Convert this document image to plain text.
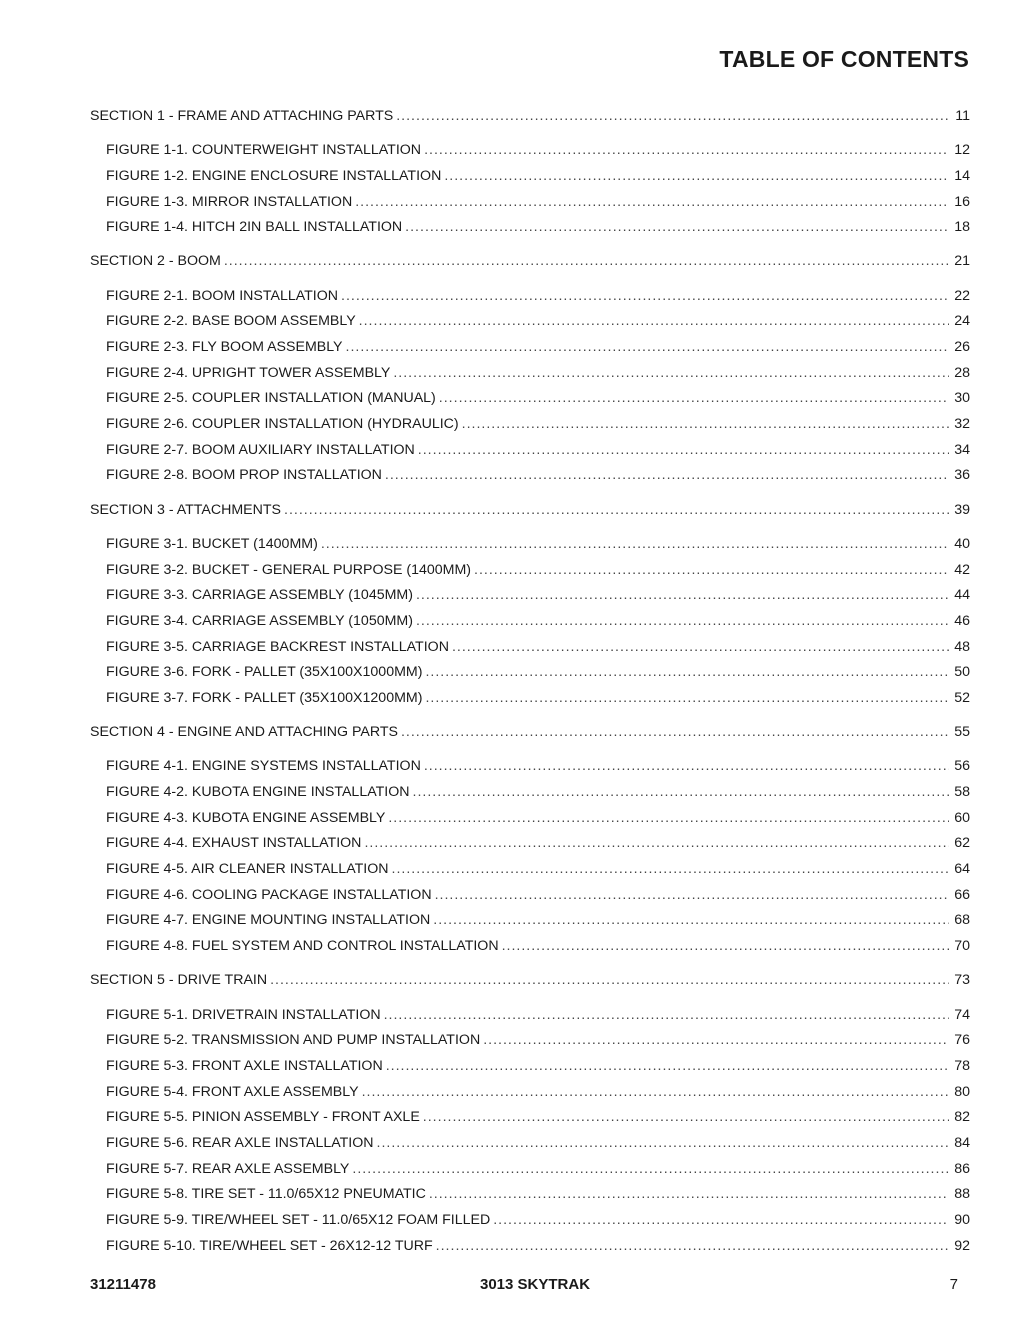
TABLE OF CONTENTS
SECTION 1 - FRAME AND ATTACHING PARTS .....	11
FIGURE 1-1. COUNTERWEIGHT INSTALLATION .....	12
FIGURE 1-2. ENGINE ENCLOSURE INSTALLATION .....	14
FIGURE 1-3. MIRROR INSTALLATION .....	16
FIGURE 1-4. HITCH 2IN BALL INSTALLATION .....	18
SECTION 2 - BOOM .....	21
FIGURE 2-1. BOOM INSTALLATION .....	22
FIGURE 2-2. BASE BOOM ASSEMBLY .....	24
FIGURE 2-3. FLY BOOM ASSEMBLY .....	26
FIGURE 2-4. UPRIGHT TOWER ASSEMBLY .....	28
FIGURE 2-5. COUPLER INSTALLATION (MANUAL) .....	30
FIGURE 2-6. COUPLER INSTALLATION (HYDRAULIC) .....	32
FIGURE 2-7. BOOM AUXILIARY INSTALLATION .....	34
FIGURE 2-8. BOOM PROP INSTALLATION .....	36
SECTION 3 - ATTACHMENTS .....	39
FIGURE 3-1. BUCKET (1400MM) .....	40
FIGURE 3-2. BUCKET - GENERAL PURPOSE (1400MM) .....	42
FIGURE 3-3. CARRIAGE ASSEMBLY (1045MM) .....	44
FIGURE 3-4. CARRIAGE ASSEMBLY (1050MM) .....	46
FIGURE 3-5. CARRIAGE BACKREST INSTALLATION .....	48
FIGURE 3-6. FORK - PALLET (35X100X1000MM) .....	50
FIGURE 3-7. FORK - PALLET (35X100X1200MM) .....	52
SECTION 4 - ENGINE AND ATTACHING PARTS .....	55
FIGURE 4-1. ENGINE SYSTEMS INSTALLATION .....	56
FIGURE 4-2. KUBOTA ENGINE INSTALLATION .....	58
FIGURE 4-3. KUBOTA ENGINE ASSEMBLY .....	60
FIGURE 4-4. EXHAUST INSTALLATION .....	62
FIGURE 4-5. AIR CLEANER INSTALLATION .....	64
FIGURE 4-6. COOLING PACKAGE INSTALLATION .....	66
FIGURE 4-7. ENGINE MOUNTING INSTALLATION .....	68
FIGURE 4-8. FUEL SYSTEM AND CONTROL INSTALLATION .....	70
SECTION 5 - DRIVE TRAIN .....	73
FIGURE 5-1. DRIVETRAIN INSTALLATION .....	74
FIGURE 5-2. TRANSMISSION AND PUMP INSTALLATION .....	76
FIGURE 5-3. FRONT AXLE INSTALLATION .....	78
FIGURE 5-4. FRONT AXLE ASSEMBLY .....	80
FIGURE 5-5. PINION ASSEMBLY - FRONT AXLE .....	82
FIGURE 5-6. REAR AXLE INSTALLATION .....	84
FIGURE 5-7. REAR AXLE ASSEMBLY .....	86
FIGURE 5-8. TIRE SET - 11.0/65X12 PNEUMATIC .....	88
FIGURE 5-9. TIRE/WHEEL SET - 11.0/65X12 FOAM FILLED .....	90
FIGURE 5-10. TIRE/WHEEL SET - 26X12-12 TURF .....	92
31211478	3013 SKYTRAK	7
